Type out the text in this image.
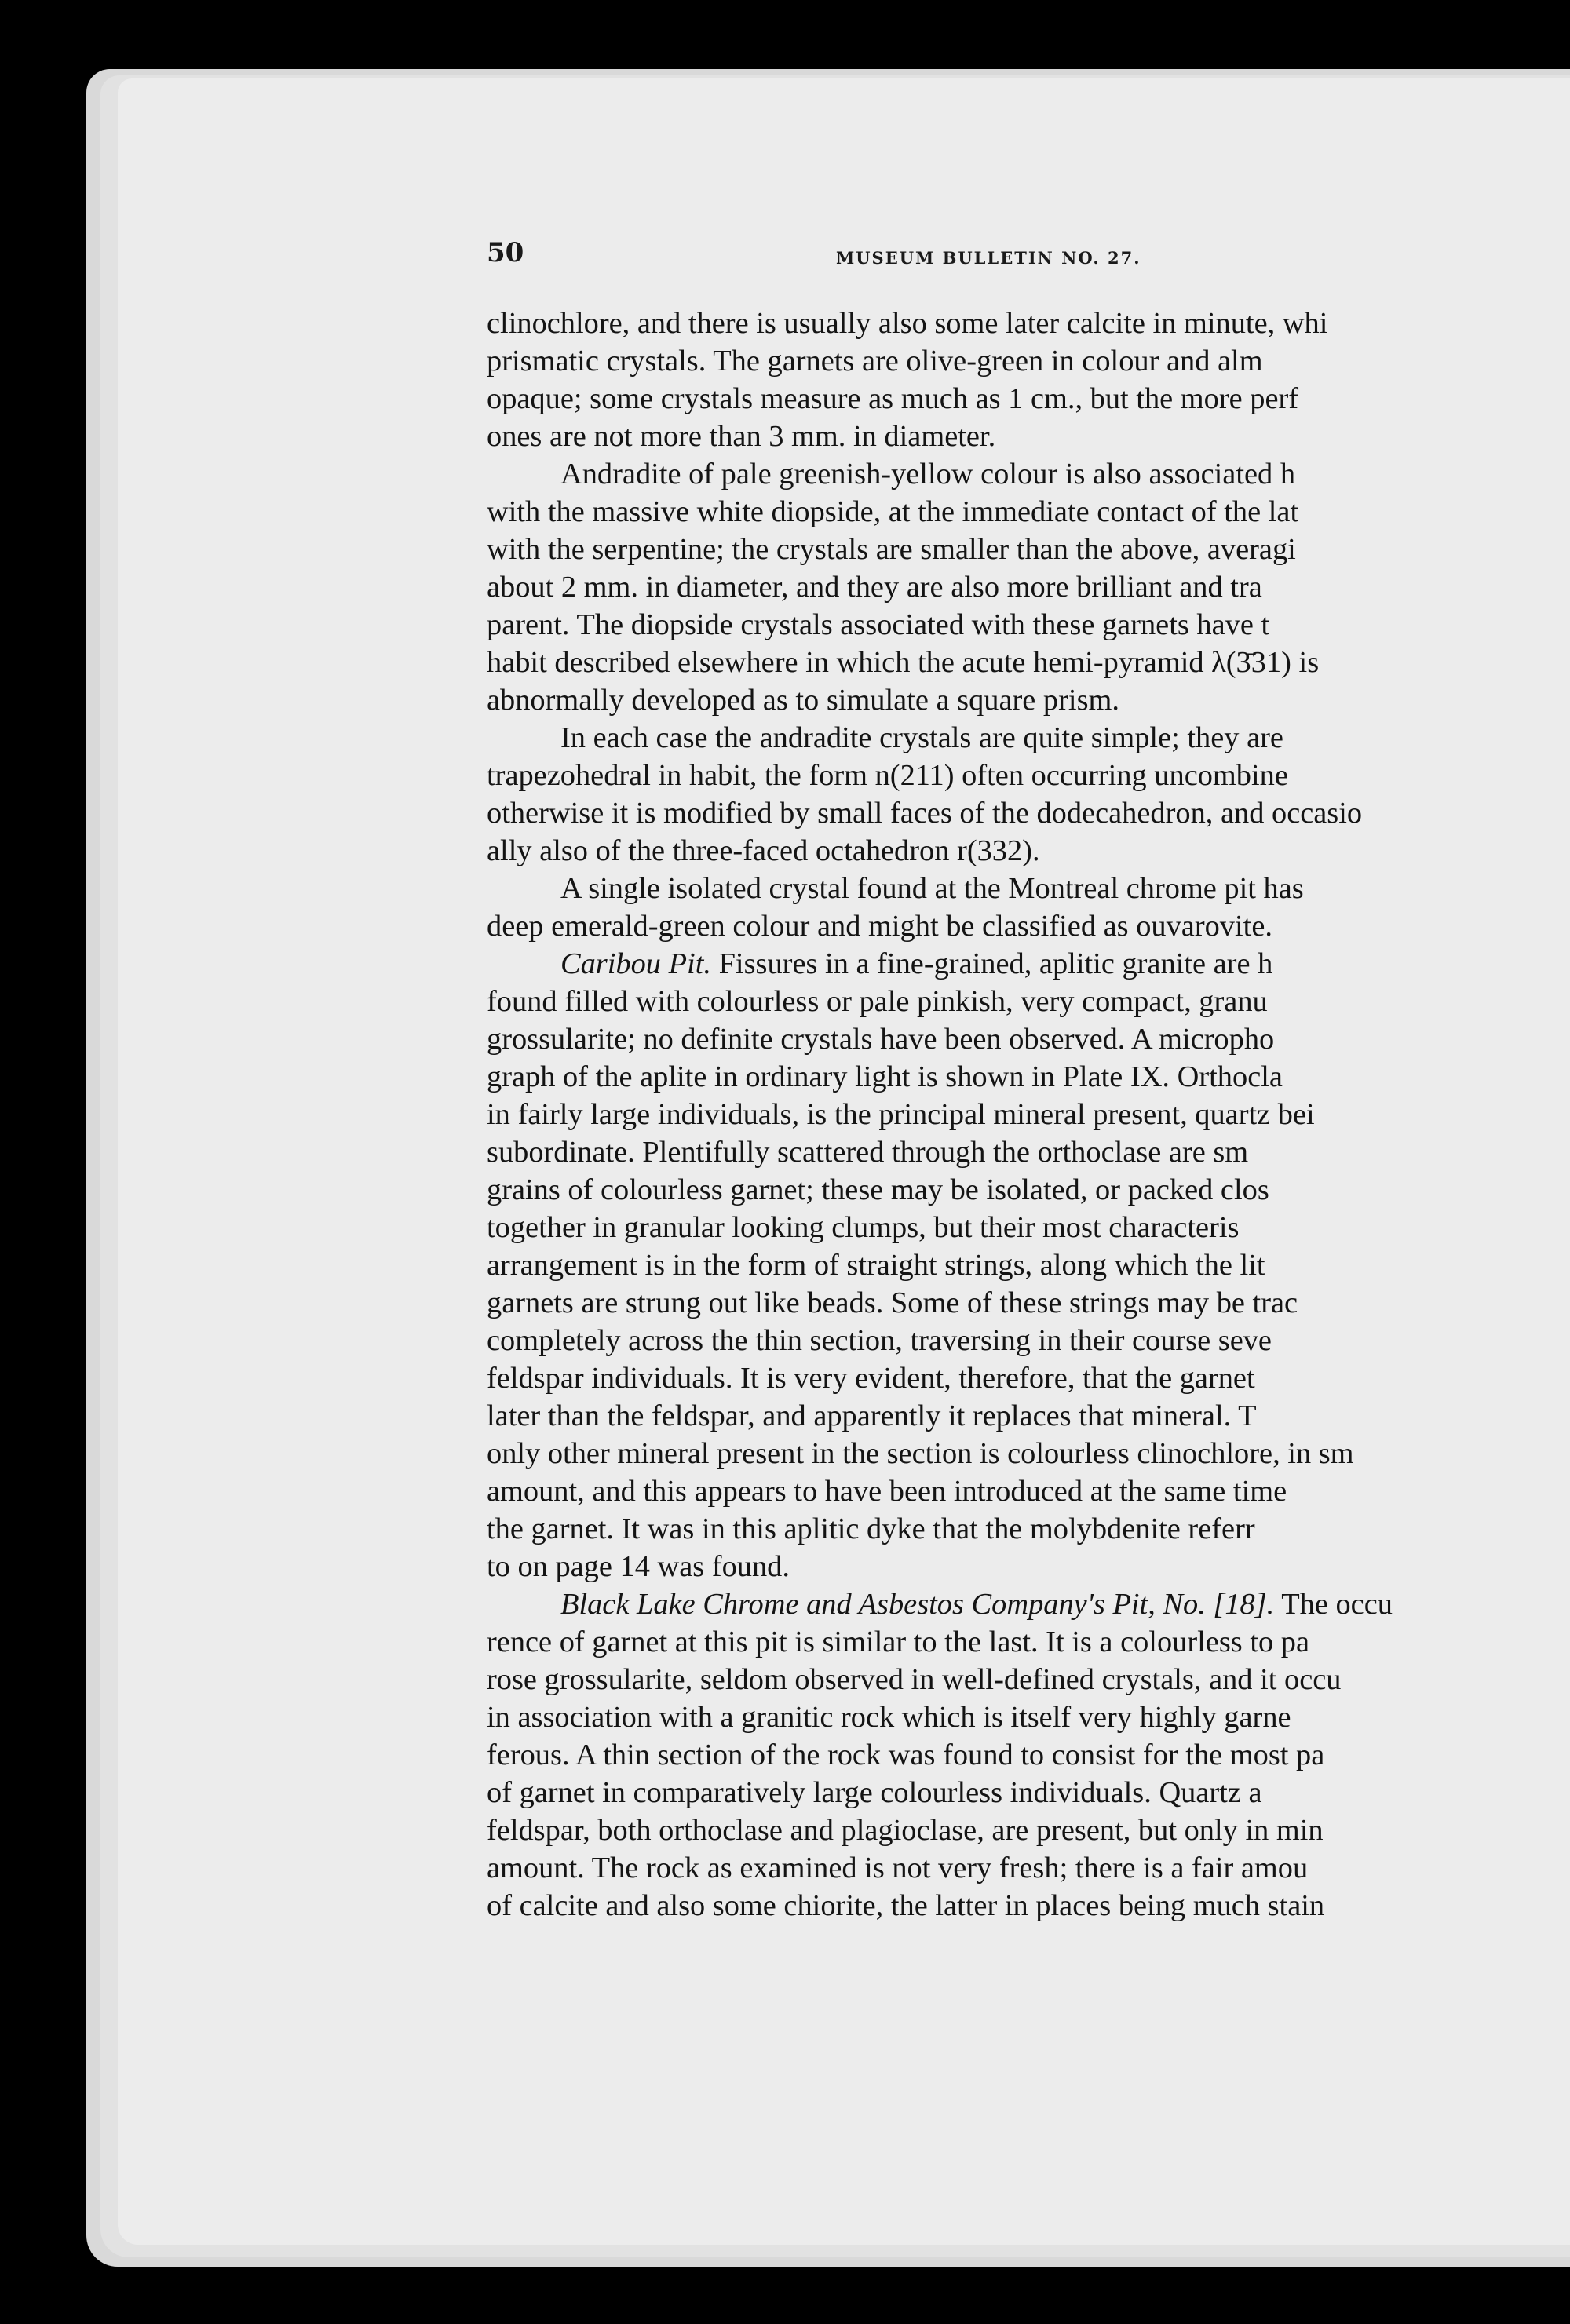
50	MUSEUM BULLETIN NO. 27.
clinochlore, and there is usually also some later calcite in minute, whi
prismatic crystals. The garnets are olive-green in colour and alm
opaque; some crystals measure as much as 1 cm., but the more perf
ones are not more than 3 mm. in diameter.
Andradite of pale greenish-yellow colour is also associated h
with the massive white diopside, at the immediate contact of the lat
with the serpentine; the crystals are smaller than the above, averagi
about 2 mm. in diameter, and they are also more brilliant and tra
parent. The diopside crystals associated with these garnets have t
habit described elsewhere in which the acute hemi-pyramid λ(3̄31) is
abnormally developed as to simulate a square prism.
In each case the andradite crystals are quite simple; they are
trapezohedral in habit, the form n(211) often occurring uncombine
otherwise it is modified by small faces of the dodecahedron, and occasio
ally also of the three-faced octahedron r(332).
A single isolated crystal found at the Montreal chrome pit has
deep emerald-green colour and might be classified as ouvarovite.
Caribou Pit. Fissures in a fine-grained, aplitic granite are h
found filled with colourless or pale pinkish, very compact, granu
grossularite; no definite crystals have been observed. A micropho
graph of the aplite in ordinary light is shown in Plate IX. Orthocla
in fairly large individuals, is the principal mineral present, quartz bei
subordinate. Plentifully scattered through the orthoclase are sm
grains of colourless garnet; these may be isolated, or packed clos
together in granular looking clumps, but their most characteris
arrangement is in the form of straight strings, along which the lit
garnets are strung out like beads. Some of these strings may be trac
completely across the thin section, traversing in their course seve
feldspar individuals. It is very evident, therefore, that the garnet
later than the feldspar, and apparently it replaces that mineral. T
only other mineral present in the section is colourless clinochlore, in sm
amount, and this appears to have been introduced at the same time
the garnet. It was in this aplitic dyke that the molybdenite referr
to on page 14 was found.
Black Lake Chrome and Asbestos Company's Pit, No. [18]. The occu
rence of garnet at this pit is similar to the last. It is a colourless to pa
rose grossularite, seldom observed in well-defined crystals, and it occu
in association with a granitic rock which is itself very highly garne
ferous. A thin section of the rock was found to consist for the most pa
of garnet in comparatively large colourless individuals. Quartz a
feldspar, both orthoclase and plagioclase, are present, but only in min
amount. The rock as examined is not very fresh; there is a fair amou
of calcite and also some chiorite, the latter in places being much stain
